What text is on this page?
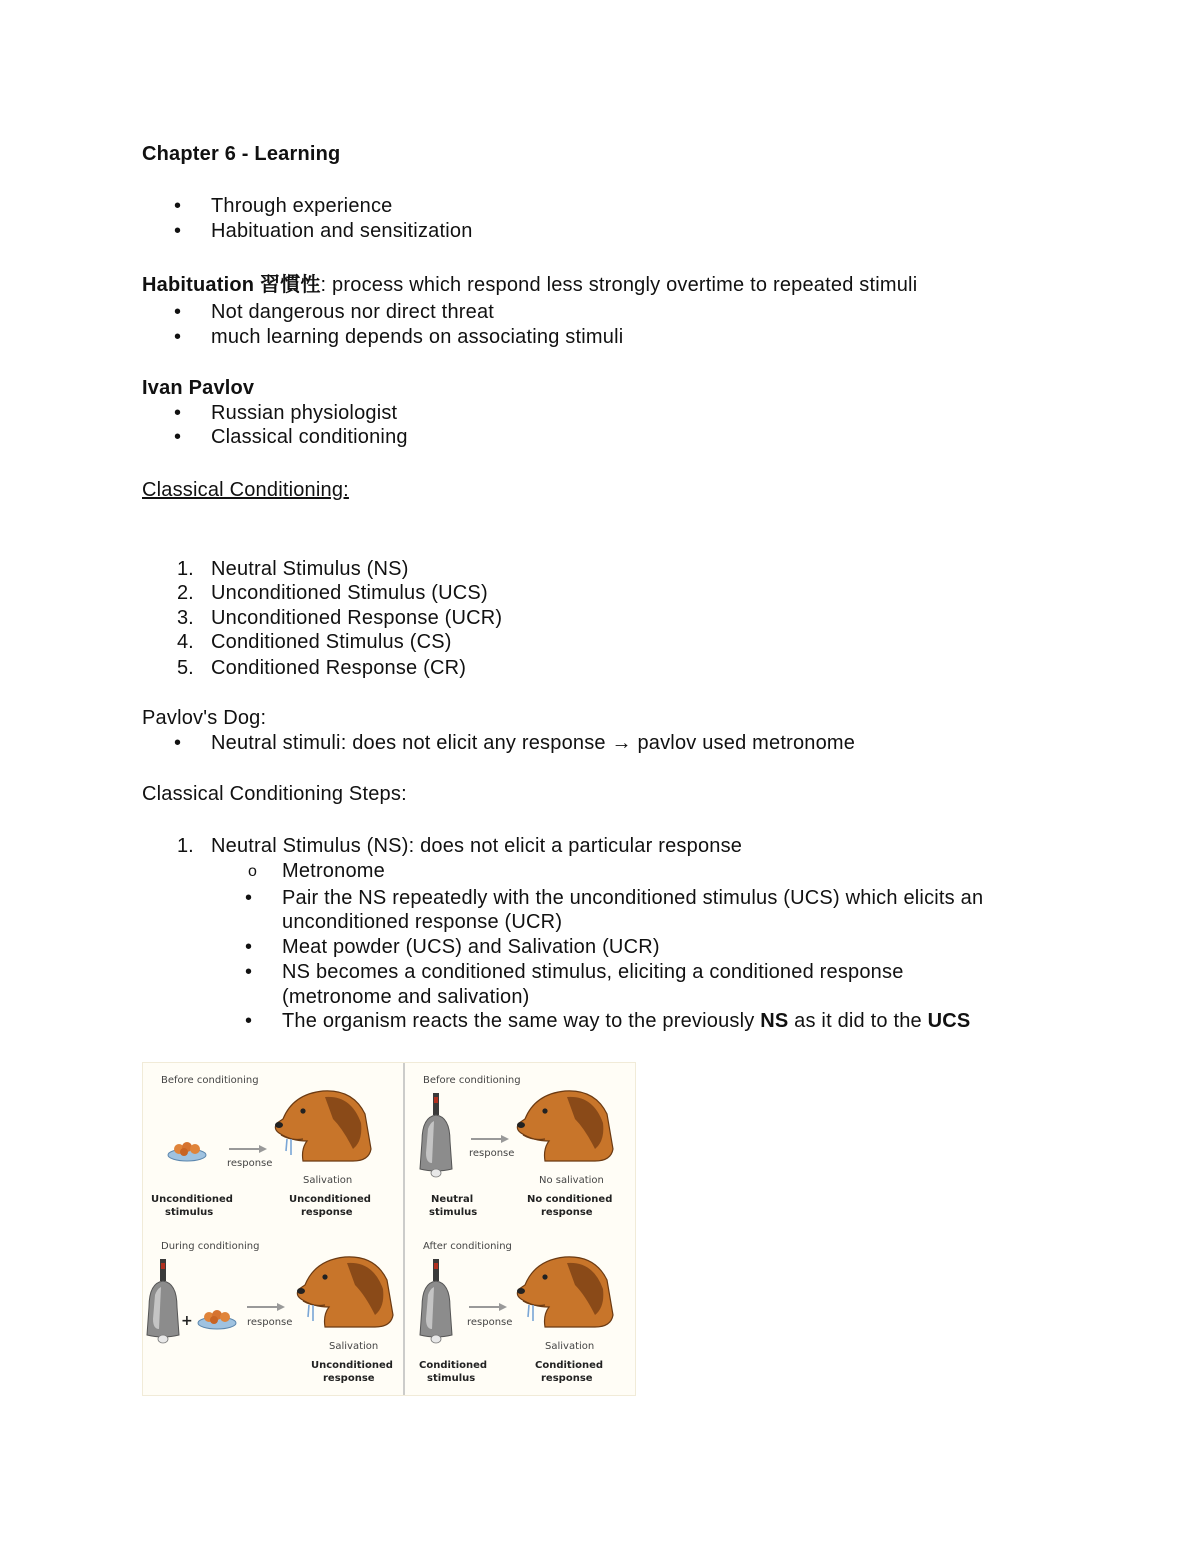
Chapter 6 - Learning
• Through experience
• Habituation and sensitization
Habituation 習慣性: process which respond less strongly overtime to repeated stimuli
• Not dangerous nor direct threat
• much learning depends on associating stimuli
Ivan Pavlov
• Russian physiologist
• Classical conditioning
Classical Conditioning:
1. Neutral Stimulus (NS)
2. Unconditioned Stimulus (UCS)
3. Unconditioned Response (UCR)
4. Conditioned Stimulus (CS)
5. Conditioned Response (CR)
Pavlov's Dog:
• Neutral stimuli: does not elicit any response → pavlov used metronome
Classical Conditioning Steps:
1. Neutral Stimulus (NS): does not elicit a particular response
o Metronome
• Pair the NS repeatedly with the unconditioned stimulus (UCS) which elicits an
unconditioned response (UCR)
• Meat powder (UCS) and Salivation (UCR)
• NS becomes a conditioned stimulus, eliciting a conditioned response
(metronome and salivation)
• The organism reacts the same way to the previously NS as it did to the UCS
Before conditioning
response
Salivation
Unconditioned
stimulus
Unconditioned
response
Before conditioning
response
No salivation
Neutral
stimulus
No conditioned
response
During conditioning
+	response
Salivation
Unconditioned
response
After conditioning
response
Salivation
Conditioned
stimulus
Conditioned
response
